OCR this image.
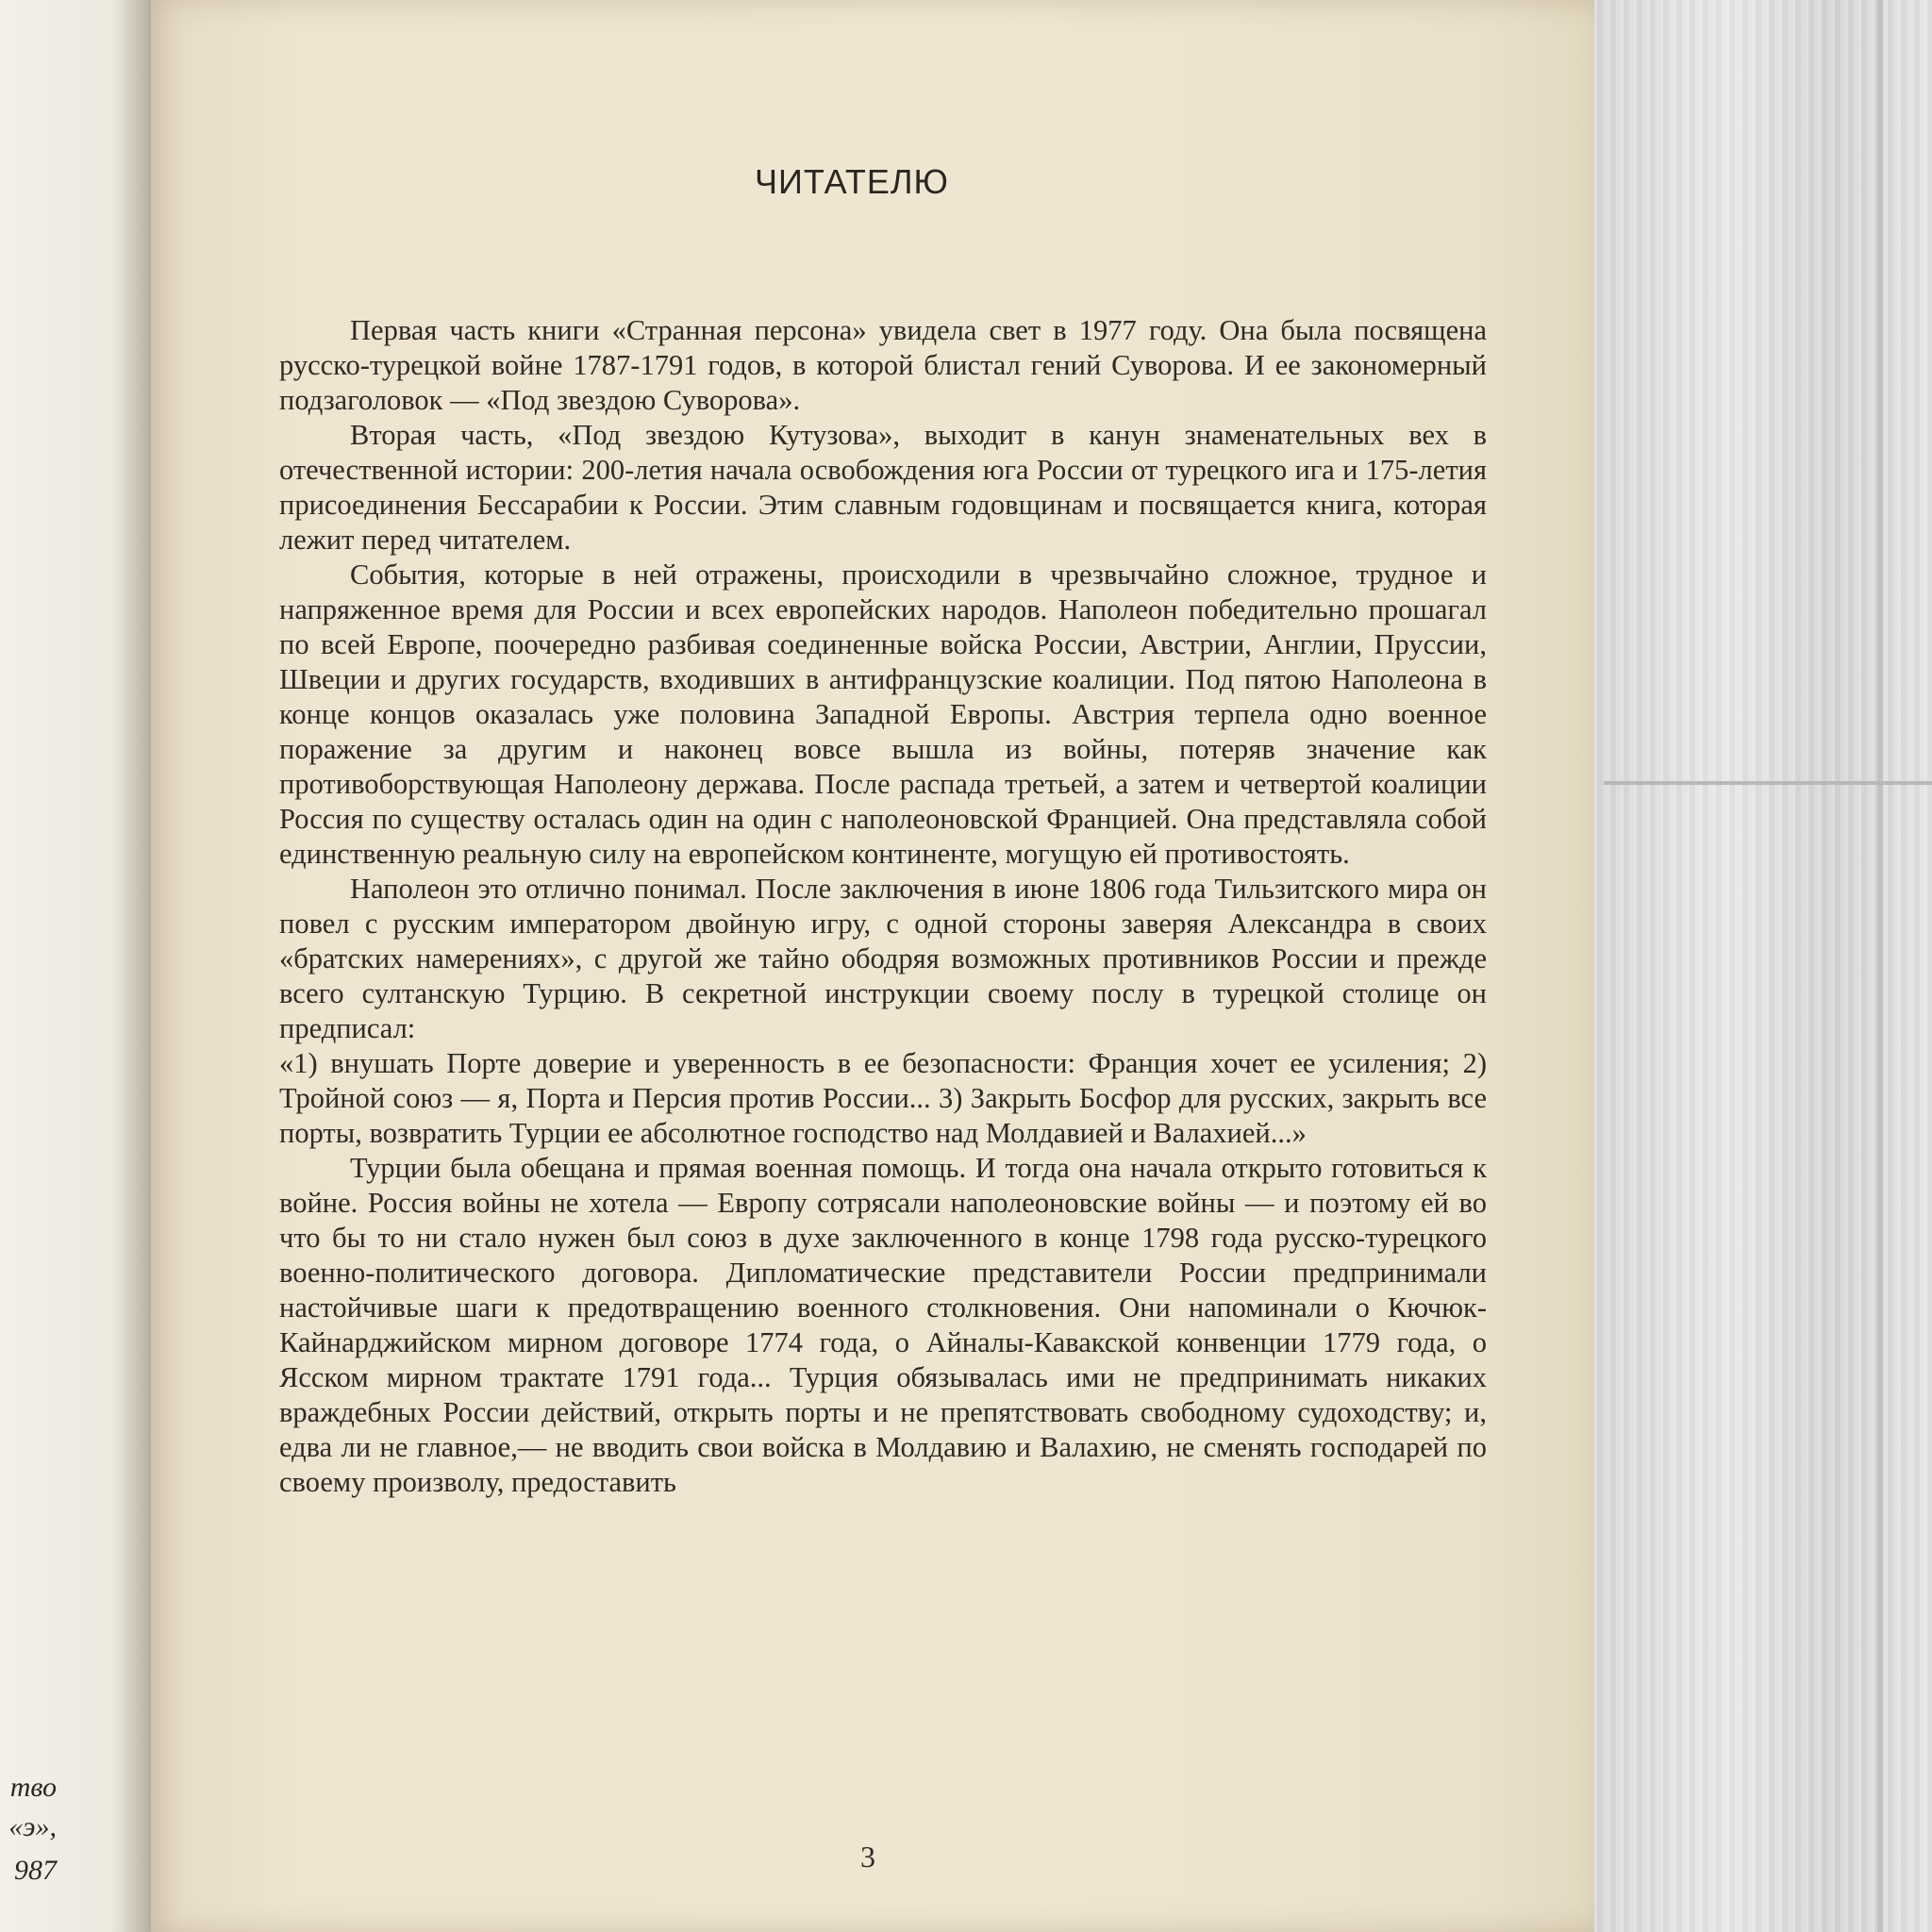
тво
«э»,
987
ЧИТАТЕЛЮ

Первая часть книги «Странная персона» увидела свет в 1977 году. Она была посвящена русско-турецкой войне 1787-1791 годов, в которой блистал гений Суворова. И ее закономерный подзаголовок — «Под звездою Суворова».

Вторая часть, «Под звездою Кутузова», выходит в канун знаменательных вех в отечественной истории: 200-летия начала освобождения юга России от турецкого ига и 175-летия присоединения Бессарабии к России. Этим славным годовщинам и посвящается книга, которая лежит перед читателем.

События, которые в ней отражены, происходили в чрезвычайно сложное, трудное и напряженное время для России и всех европейских народов. Наполеон победительно прошагал по всей Европе, поочередно разбивая соединенные войска России, Австрии, Англии, Пруссии, Швеции и других государств, входивших в антифранцузские коалиции. Под пятою Наполеона в конце концов оказалась уже половина Западной Европы. Австрия терпела одно военное поражение за другим и наконец вовсе вышла из войны, потеряв значение как противоборствующая Наполеону держава. После распада третьей, а затем и четвертой коалиции Россия по существу осталась один на один с наполеоновской Францией. Она представляла собой единственную реальную силу на европейском континенте, могущую ей противостоять.

Наполеон это отлично понимал. После заключения в июне 1806 года Тильзитского мира он повел с русским императором двойную игру, с одной стороны заверяя Александра в своих «братских намерениях», с другой же тайно ободряя возможных противников России и прежде всего султанскую Турцию. В секретной инструкции своему послу в турецкой столице он предписал:

«1) внушать Порте доверие и уверенность в ее безопасности: Франция хочет ее усиления; 2) Тройной союз — я, Порта и Персия против России... 3) Закрыть Босфор для русских, закрыть все порты, возвратить Турции ее абсолютное господство над Молдавией и Валахией...»

Турции была обещана и прямая военная помощь. И тогда она начала открыто готовиться к войне. Россия войны не хотела — Европу сотрясали наполеоновские войны — и поэтому ей во что бы то ни стало нужен был союз в духе заключенного в конце 1798 года русско-турецкого военно-политического договора. Дипломатические представители России предпринимали настойчивые шаги к предотвращению военного столкновения. Они напоминали о Кючюк-Кайнарджийском мирном договоре 1774 года, о Айналы-Кавакской конвенции 1779 года, о Ясском мирном трактате 1791 года... Турция обязывалась ими не предпринимать никаких враждебных России действий, открыть порты и не препятствовать свободному судоходству; и, едва ли не главное,— не вводить свои войска в Молдавию и Валахию, не сменять господарей по своему произволу, предоставить

3
